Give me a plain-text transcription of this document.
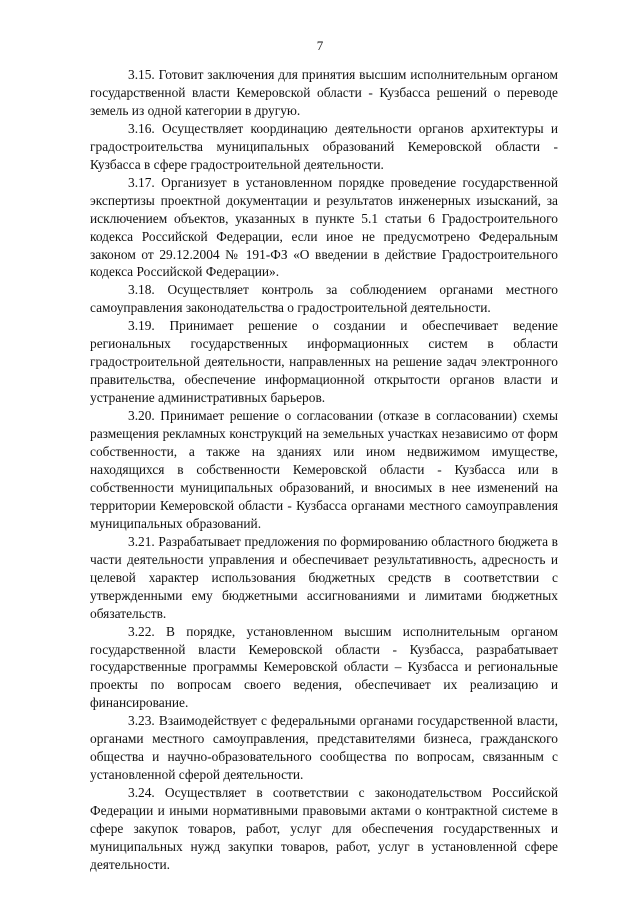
7

3.15. Готовит заключения для принятия высшим исполнительным органом государственной власти Кемеровской области - Кузбасса решений о переводе земель из одной категории в другую.

3.16. Осуществляет координацию деятельности органов архитектуры и градостроительства муниципальных образований Кемеровской области - Кузбасса в сфере градостроительной деятельности.

3.17. Организует в установленном порядке проведение государственной экспертизы проектной документации и результатов инженерных изысканий, за исключением объектов, указанных в пункте 5.1 статьи 6 Градостроительного кодекса Российской Федерации, если иное не предусмотрено Федеральным законом от 29.12.2004 № 191-ФЗ «О введении в действие Градостроительного кодекса Российской Федерации».

3.18. Осуществляет контроль за соблюдением органами местного самоуправления законодательства о градостроительной деятельности.

3.19. Принимает решение о создании и обеспечивает ведение региональных государственных информационных систем в области градостроительной деятельности, направленных на решение задач электронного правительства, обеспечение информационной открытости органов власти и устранение административных барьеров.

3.20. Принимает решение о согласовании (отказе в согласовании) схемы размещения рекламных конструкций на земельных участках независимо от форм собственности, а также на зданиях или ином недвижимом имуществе, находящихся в собственности Кемеровской области - Кузбасса или в собственности муниципальных образований, и вносимых в нее изменений на территории Кемеровской области - Кузбасса органами местного самоуправления муниципальных образований.

3.21. Разрабатывает предложения по формированию областного бюджета в части деятельности управления и обеспечивает результативность, адресность и целевой характер использования бюджетных средств в соответствии с утвержденными ему бюджетными ассигнованиями и лимитами бюджетных обязательств.

3.22. В порядке, установленном высшим исполнительным органом государственной власти Кемеровской области - Кузбасса, разрабатывает государственные программы Кемеровской области – Кузбасса и региональные проекты по вопросам своего ведения, обеспечивает их реализацию и финансирование.

3.23. Взаимодействует с федеральными органами государственной власти, органами местного самоуправления, представителями бизнеса, гражданского общества и научно-образовательного сообщества по вопросам, связанным с установленной сферой деятельности.

3.24. Осуществляет в соответствии с законодательством Российской Федерации и иными нормативными правовыми актами о контрактной системе в сфере закупок товаров, работ, услуг для обеспечения государственных и муниципальных нужд закупки товаров, работ, услуг в установленной сфере деятельности.
